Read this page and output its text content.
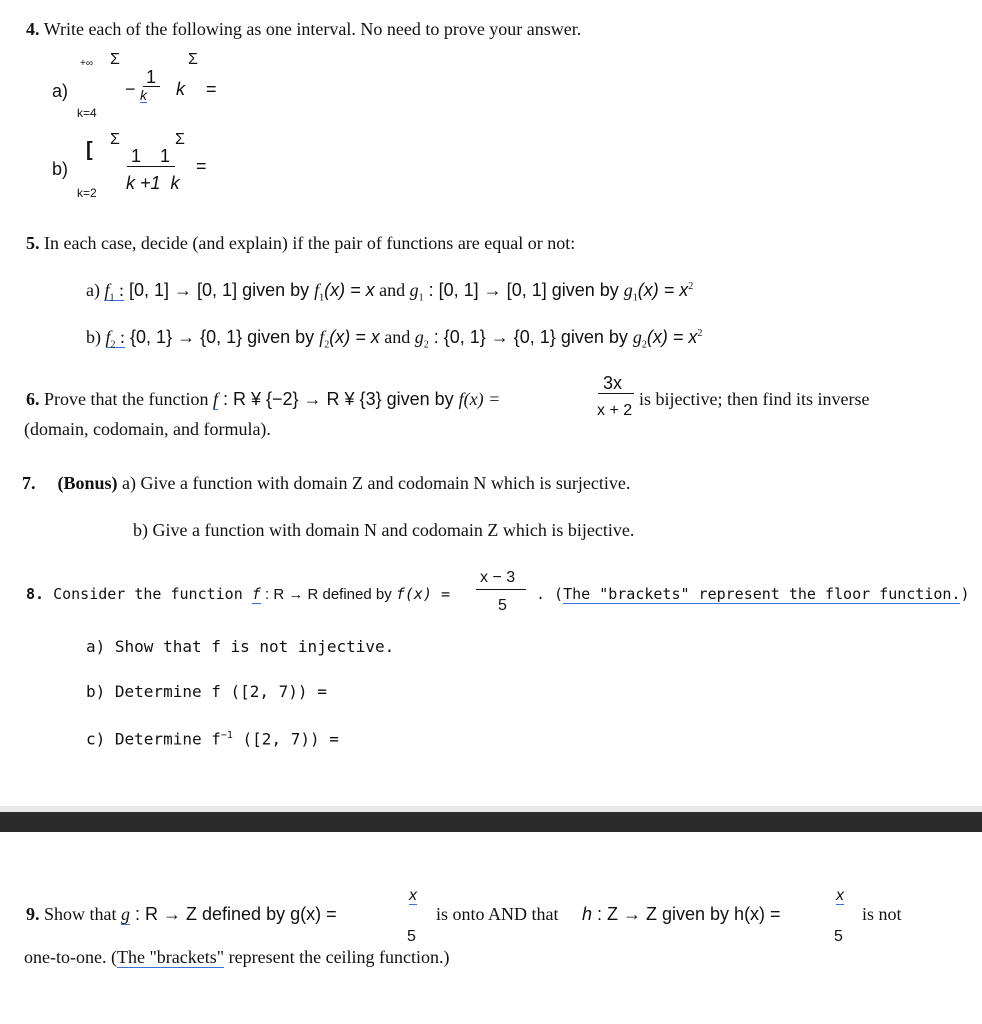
4. Write each of the following as one interval. No need to prove your answer.
+∞ Σ	Σ
a)
1
− k k =
k=4
[ Σ	Σ
1 1
b)	=
k +1  k
k=2
5. In each case, decide (and explain) if the pair of functions are equal or not:
a) $f_1$ : [0, 1] → [0, 1] given by $f_1(x) = x$ and $g_1$ : [0, 1] → [0, 1] given by $g_1(x) = x^2$
b) $f_2$ : {0, 1} → {0, 1} given by $f_2(x) = x$ and $g_2$ : {0, 1} → {0, 1} given by $g_2(x) = x^2$
6. Prove that the function f : R ¥ {−2} → R ¥ {3} given by f(x) =
3x
x + 2
is bijective; then find its inverse
(domain, codomain, and formula).
7. (Bonus) a) Give a function with domain Z and codomain N which is surjective.
b) Give a function with domain N and codomain Z which is bijective.
8. Consider the function f : R → R defined by f(x) =
x − 3
5
. (The "brackets" represent the floor function.)
a) Show that f is not injective.
b) Determine f ([2, 7)) =
c) Determine $f^{-1}$ ([2, 7)) =
9. Show that g : R → Z defined by g(x) =
x
5
is onto AND that h : Z → Z given by h(x) =
x
5
is not
one-to-one. (The "brackets" represent the ceiling function.)
